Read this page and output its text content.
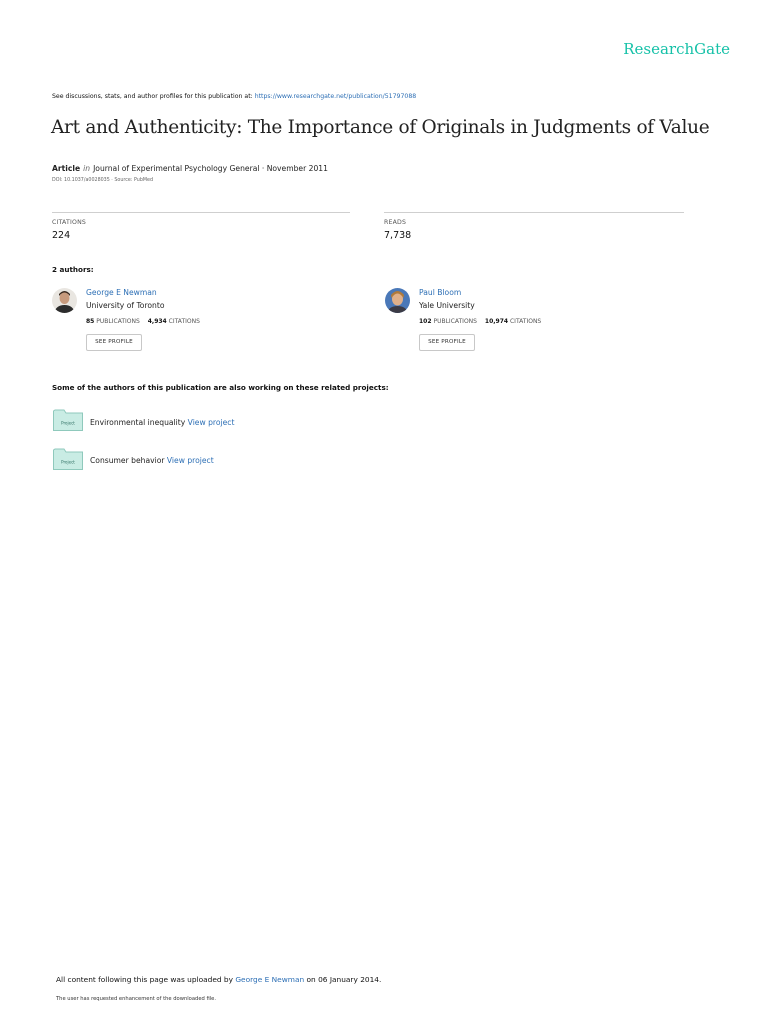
ResearchGate
See discussions, stats, and author profiles for this publication at: https://www.researchgate.net/publication/51797088
Art and Authenticity: The Importance of Originals in Judgments of Value
Article in Journal of Experimental Psychology General · November 2011
DOI: 10.1037/a0028035 · Source: PubMed
CITATIONS
224
READS
7,738
2 authors:
George E Newman
University of Toronto
85 PUBLICATIONS 4,934 CITATIONS
SEE PROFILE
Paul Bloom
Yale University
102 PUBLICATIONS 10,974 CITATIONS
SEE PROFILE
Some of the authors of this publication are also working on these related projects:
Project Environmental inequality View project
Project Consumer behavior View project
All content following this page was uploaded by George E Newman on 06 January 2014.
The user has requested enhancement of the downloaded file.
